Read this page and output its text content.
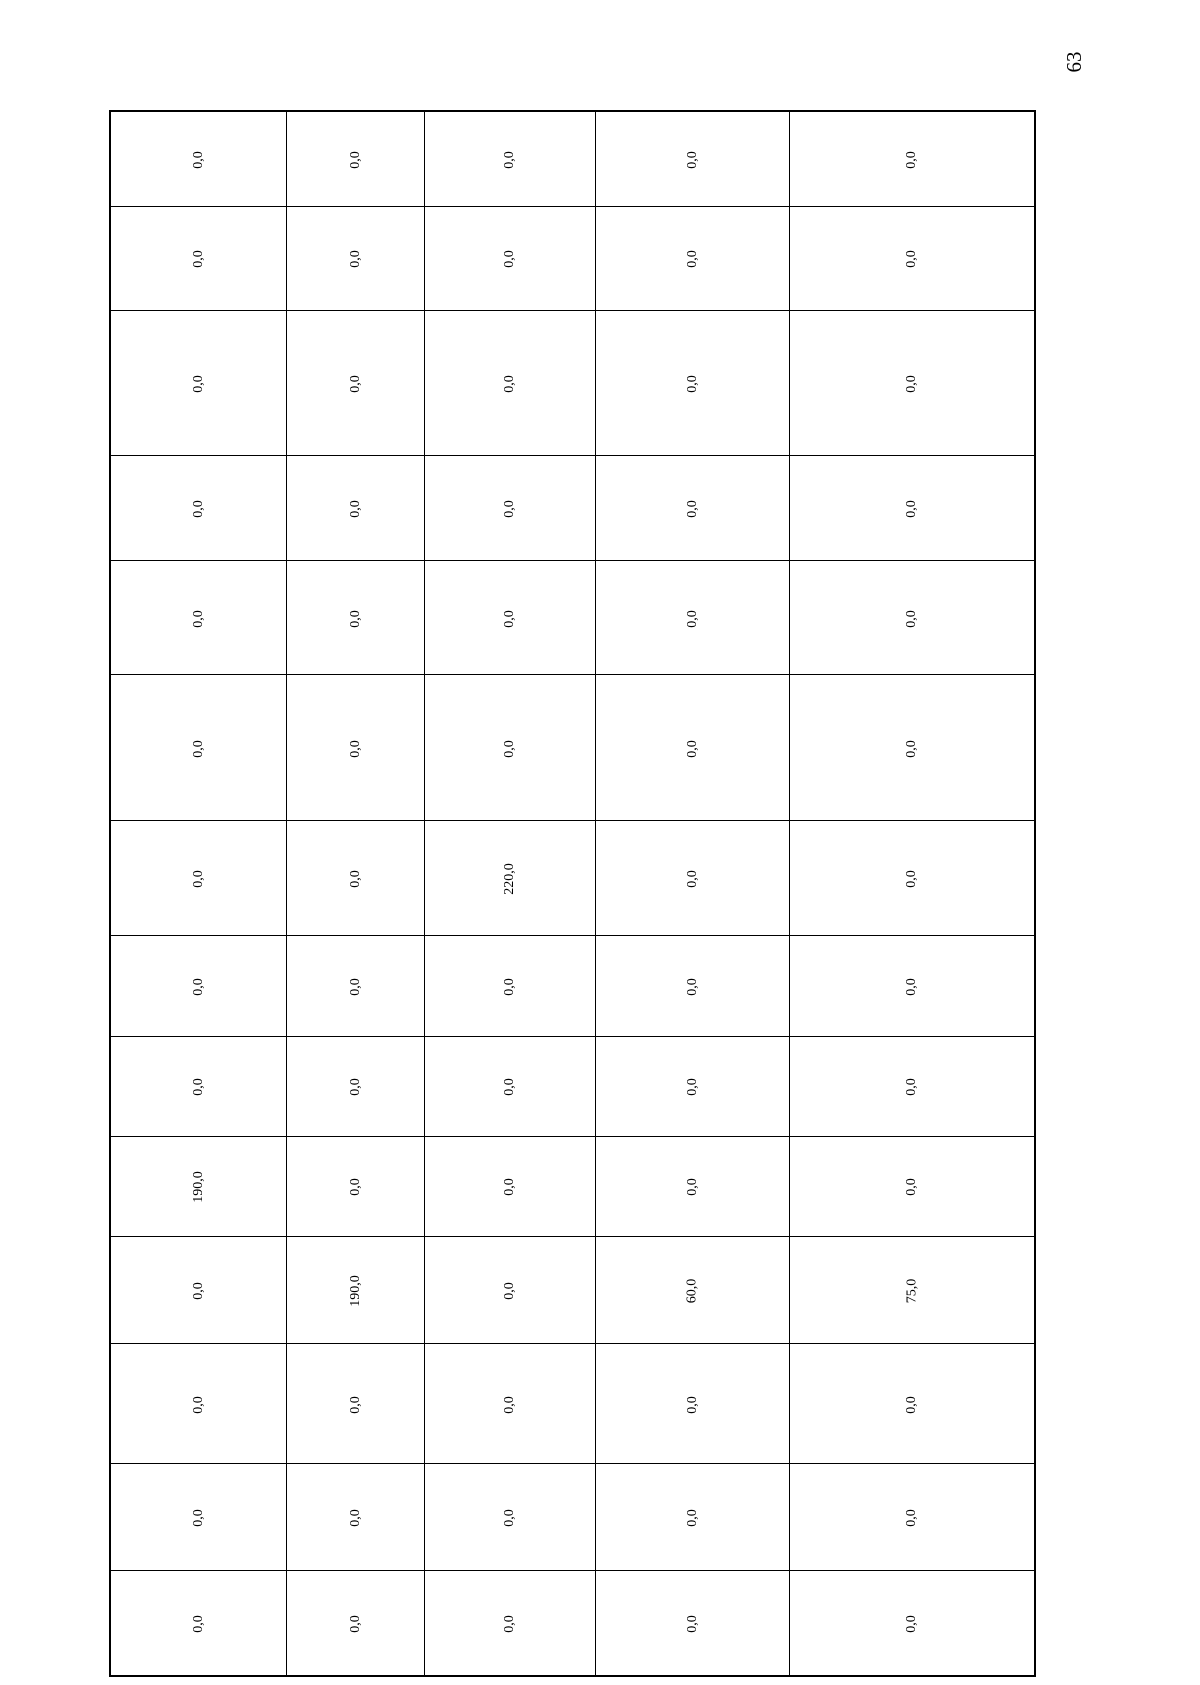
63
0,0	0,0	0,0	0,0	0,0
0,0	0,0	0,0	0,0	0,0
0,0	0,0	0,0	0,0	0,0
0,0	0,0	0,0	0,0	0,0
0,0	0,0	0,0	0,0	0,0
0,0	0,0	0,0	0,0	0,0
0,0	0,0	220,0	0,0	0,0
0,0	0,0	0,0	0,0	0,0
0,0	0,0	0,0	0,0	0,0
190,0	0,0	0,0	0,0	0,0
0,0	190,0	0,0	60,0	75,0
0,0	0,0	0,0	0,0	0,0
0,0	0,0	0,0	0,0	0,0
0,0	0,0	0,0	0,0	0,0
